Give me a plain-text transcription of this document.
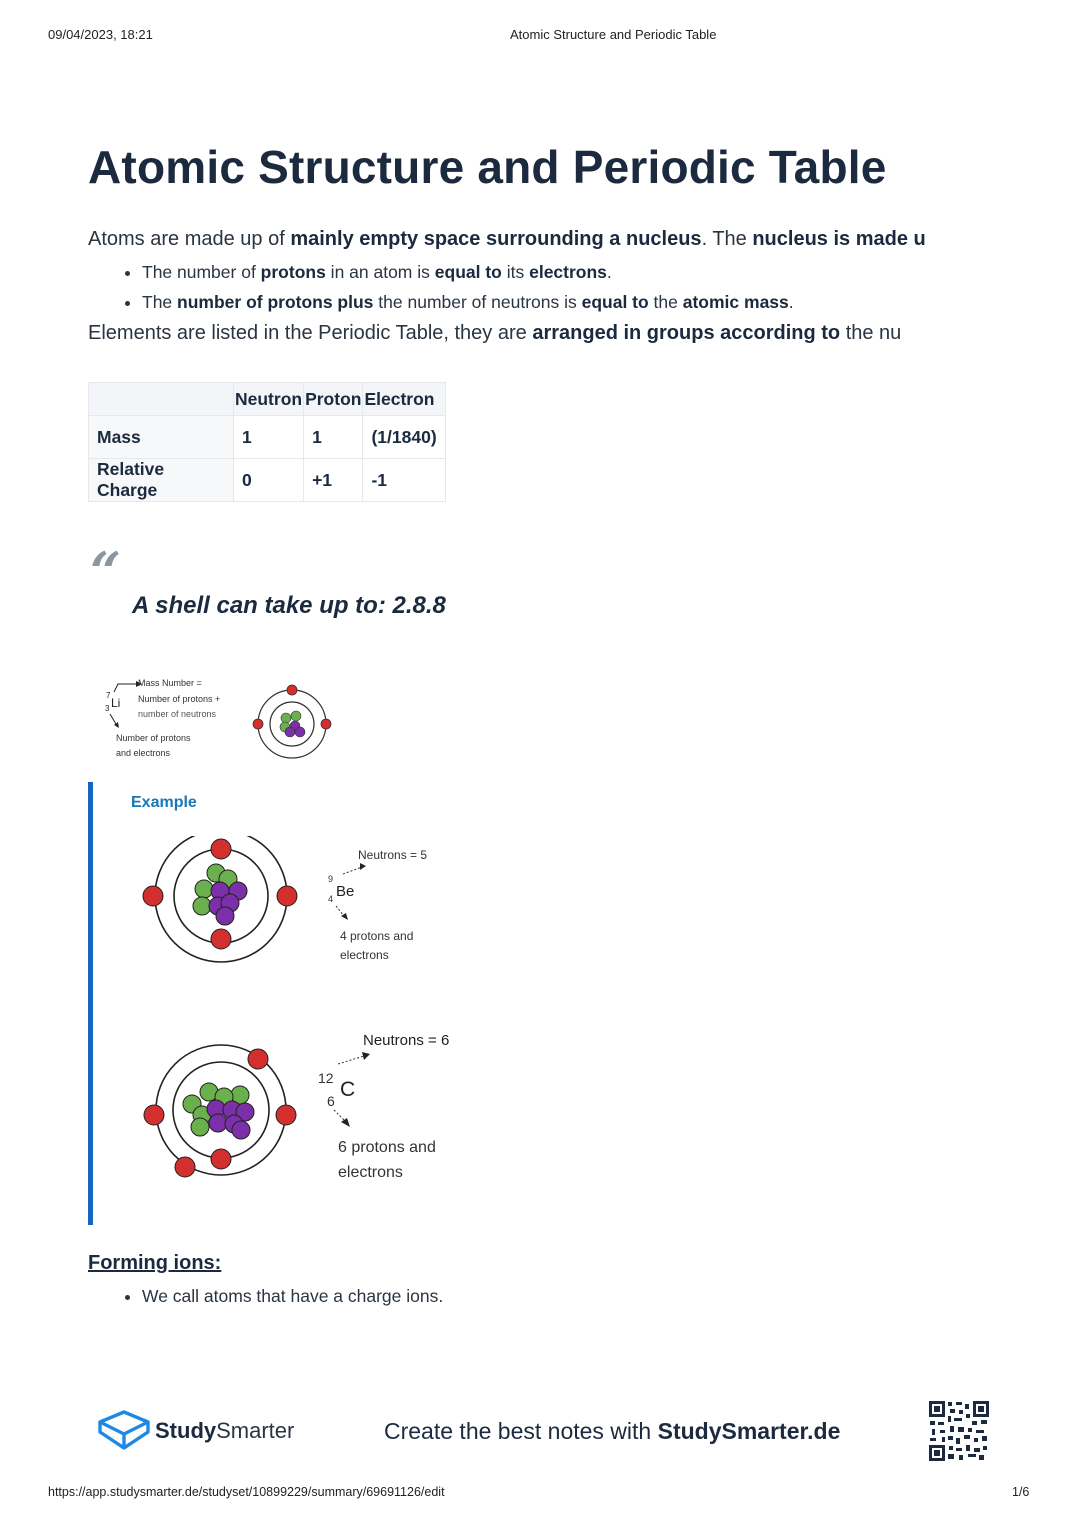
09/04/2023, 18:21	Atomic Structure and Periodic Table
Atomic Structure and Periodic Table
Atoms are made up of mainly empty space surrounding a nucleus. The nucleus is made u
• The number of protons in an atom is equal to its electrons.
• The number of protons plus the number of neutrons is equal to the atomic mass.
Elements are listed in the Periodic Table, they are arranged in groups according to the nu
	Neutron	Proton	Electron
Mass	1	1	(1/1840)
Relative Charge	0	+1	-1
“
A shell can take up to: 2.8.8
7
3 Li
Mass Number =
Number of protons +
number of neutrons
Number of protons
and electrons
Example
Neutrons = 5
9
4 Be
4 protons and
electrons
Neutrons = 6
12
6 C
6 protons and
electrons
Forming ions:
• We call atoms that have a charge ions.
StudySmarter	Create the best notes with StudySmarter.de
https://app.studysmarter.de/studyset/10899229/summary/69691126/edit	1/6
